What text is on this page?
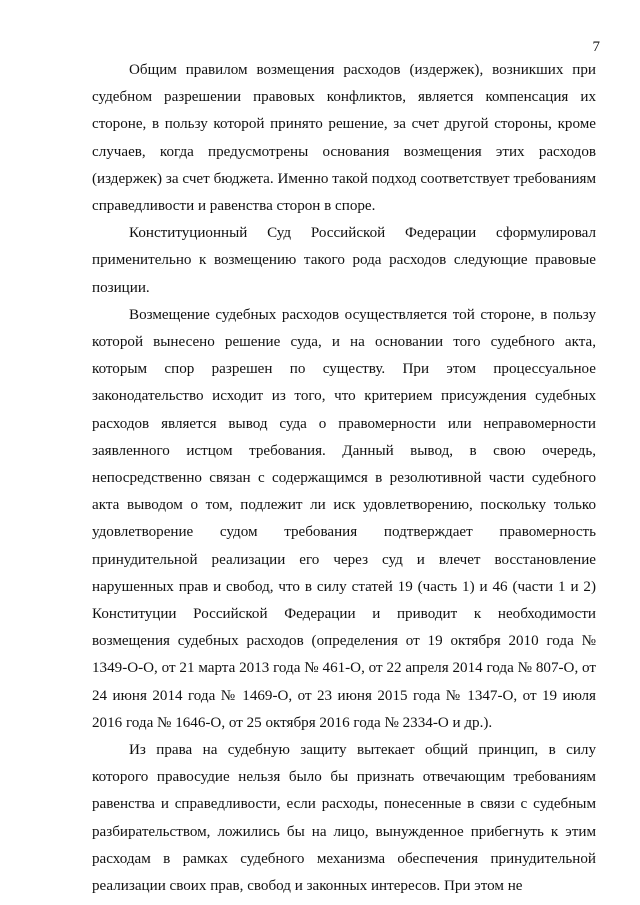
7

Общим правилом возмещения расходов (издержек), возникших при судебном разрешении правовых конфликтов, является компенсация их стороне, в пользу которой принято решение, за счет другой стороны, кроме случаев, когда предусмотрены основания возмещения этих расходов (издержек) за счет бюджета. Именно такой подход соответствует требованиям справедливости и равенства сторон в споре.

Конституционный Суд Российской Федерации сформулировал применительно к возмещению такого рода расходов следующие правовые позиции.

Возмещение судебных расходов осуществляется той стороне, в пользу которой вынесено решение суда, и на основании того судебного акта, которым спор разрешен по существу. При этом процессуальное законодательство исходит из того, что критерием присуждения судебных расходов является вывод суда о правомерности или неправомерности заявленного истцом требования. Данный вывод, в свою очередь, непосредственно связан с содержащимся в резолютивной части судебного акта выводом о том, подлежит ли иск удовлетворению, поскольку только удовлетворение судом требования подтверждает правомерность принудительной реализации его через суд и влечет восстановление нарушенных прав и свобод, что в силу статей 19 (часть 1) и 46 (части 1 и 2) Конституции Российской Федерации и приводит к необходимости возмещения судебных расходов (определения от 19 октября 2010 года № 1349-О-О, от 21 марта 2013 года № 461-О, от 22 апреля 2014 года № 807-О, от 24 июня 2014 года № 1469-О, от 23 июня 2015 года № 1347-О, от 19 июля 2016 года № 1646-О, от 25 октября 2016 года № 2334-О и др.).

Из права на судебную защиту вытекает общий принцип, в силу которого правосудие нельзя было бы признать отвечающим требованиям равенства и справедливости, если расходы, понесенные в связи с судебным разбирательством, ложились бы на лицо, вынужденное прибегнуть к этим расходам в рамках судебного механизма обеспечения принудительной реализации своих прав, свобод и законных интересов. При этом не
